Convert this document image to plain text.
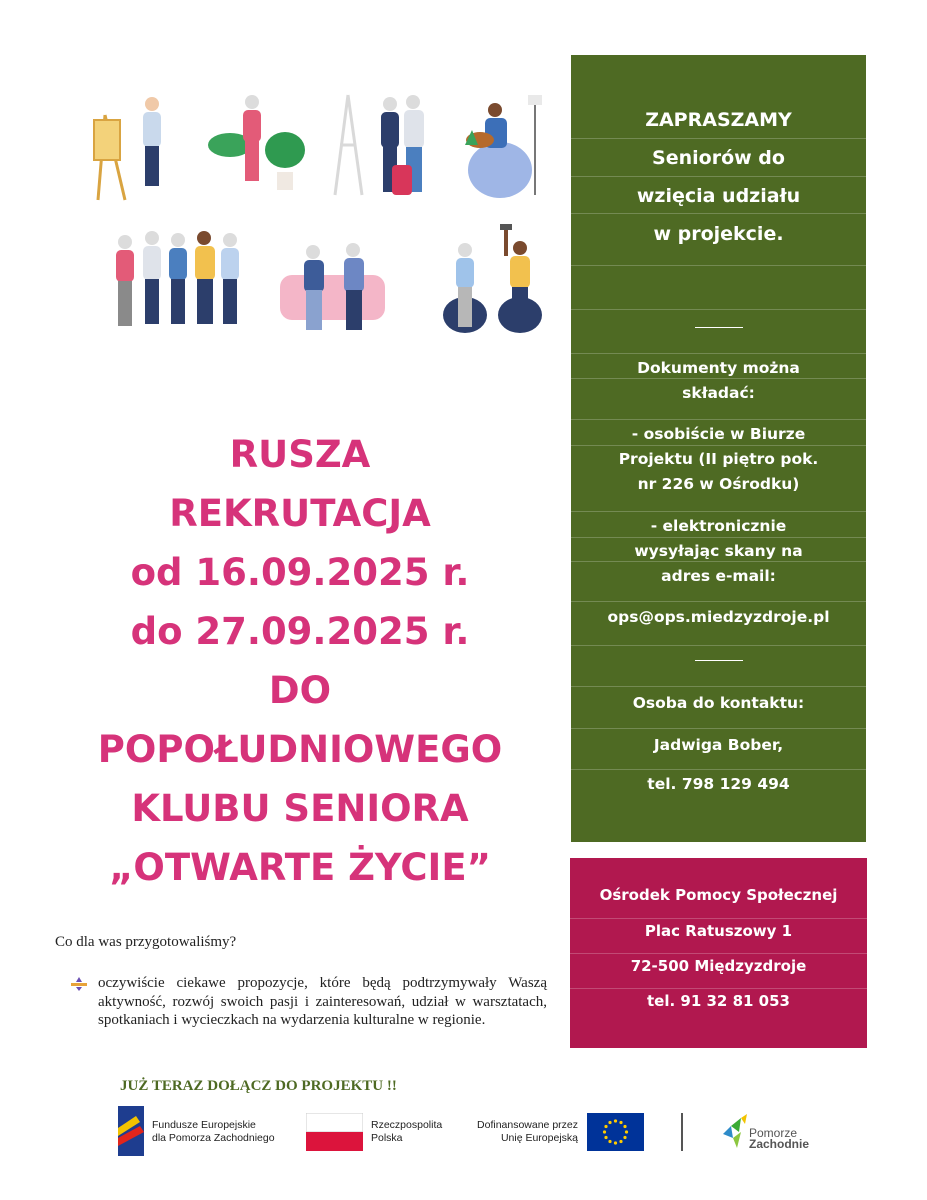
RUSZA
REKRUTACJA
od 16.09.2025 r.
do 27.09.2025 r.
DO
POPOŁUDNIOWEGO
KLUBU SENIORA
„OTWARTE ŻYCIE”
ZAPRASZAMY
Seniorów do
wzięcia udziału
w projekcie.
Dokumenty można
składać:
- osobiście w Biurze
Projektu (II piętro pok.
nr 226 w Ośrodku)
- elektronicznie
wysyłając skany na
adres e-mail:
ops@ops.miedzyzdroje.pl
Osoba do kontaktu:
Jadwiga Bober,
tel. 798 129 494
Ośrodek Pomocy Społecznej
Plac Ratuszowy 1
72-500 Międzyzdroje
tel. 91 32 81 053
Co dla was przygotowaliśmy?
oczywiście ciekawe propozycje, które będą podtrzymywały Waszą aktywność, rozwój swoich pasji i zainteresowań, udział w warsztatach, spotkaniach i wycieczkach na wydarzenia kulturalne w regionie.
JUŻ TERAZ DOŁĄCZ DO PROJEKTU !!
Fundusze Europejskie
dla Pomorza Zachodniego
Rzeczpospolita
Polska
Dofinansowane przez
Unię Europejską	Pomorze
Zachodnie
